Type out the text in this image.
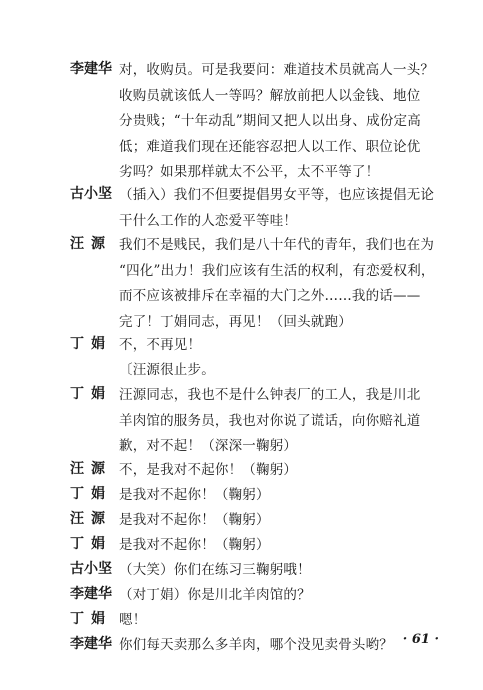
· 61 ·
李建华 对，收购员。可是我要问：难道技术员就高人一头？
收购员就该低人一等吗？解放前把人以金钱、地位
分贵贱；“十年动乱”期间又把人以出身、成份定高
低；难道我们现在还能容忍把人以工作、职位论优
劣吗？如果那样就太不公平，太不平等了！
古小坚 （插入）我们不但要提倡男女平等，也应该提倡无论
干什么工作的人恋爱平等哇！
汪源 我们不是贱民，我们是八十年代的青年，我们也在为
“四化”出力！我们应该有生活的权利，有恋爱权利，
而不应该被排斥在幸福的大门之外……我的话——
完了！丁娟同志，再见！（回头就跑）
丁娟 不，不再见！
〔汪源很止步。
丁娟 汪源同志，我也不是什么钟表厂的工人，我是川北
羊肉馆的服务员，我也对你说了谎话，向你赔礼道
歉，对不起！（深深一鞠躬）
汪源 不，是我对不起你！（鞠躬）
丁娟 是我对不起你！（鞠躬）
汪源 是我对不起你！（鞠躬）
丁娟 是我对不起你！（鞠躬）
古小坚 （大笑）你们在练习三鞠躬哦！
李建华 （对丁娟）你是川北羊肉馆的？
丁娟 嗯！
李建华 你们每天卖那么多羊肉，哪个没见卖骨头哟？
